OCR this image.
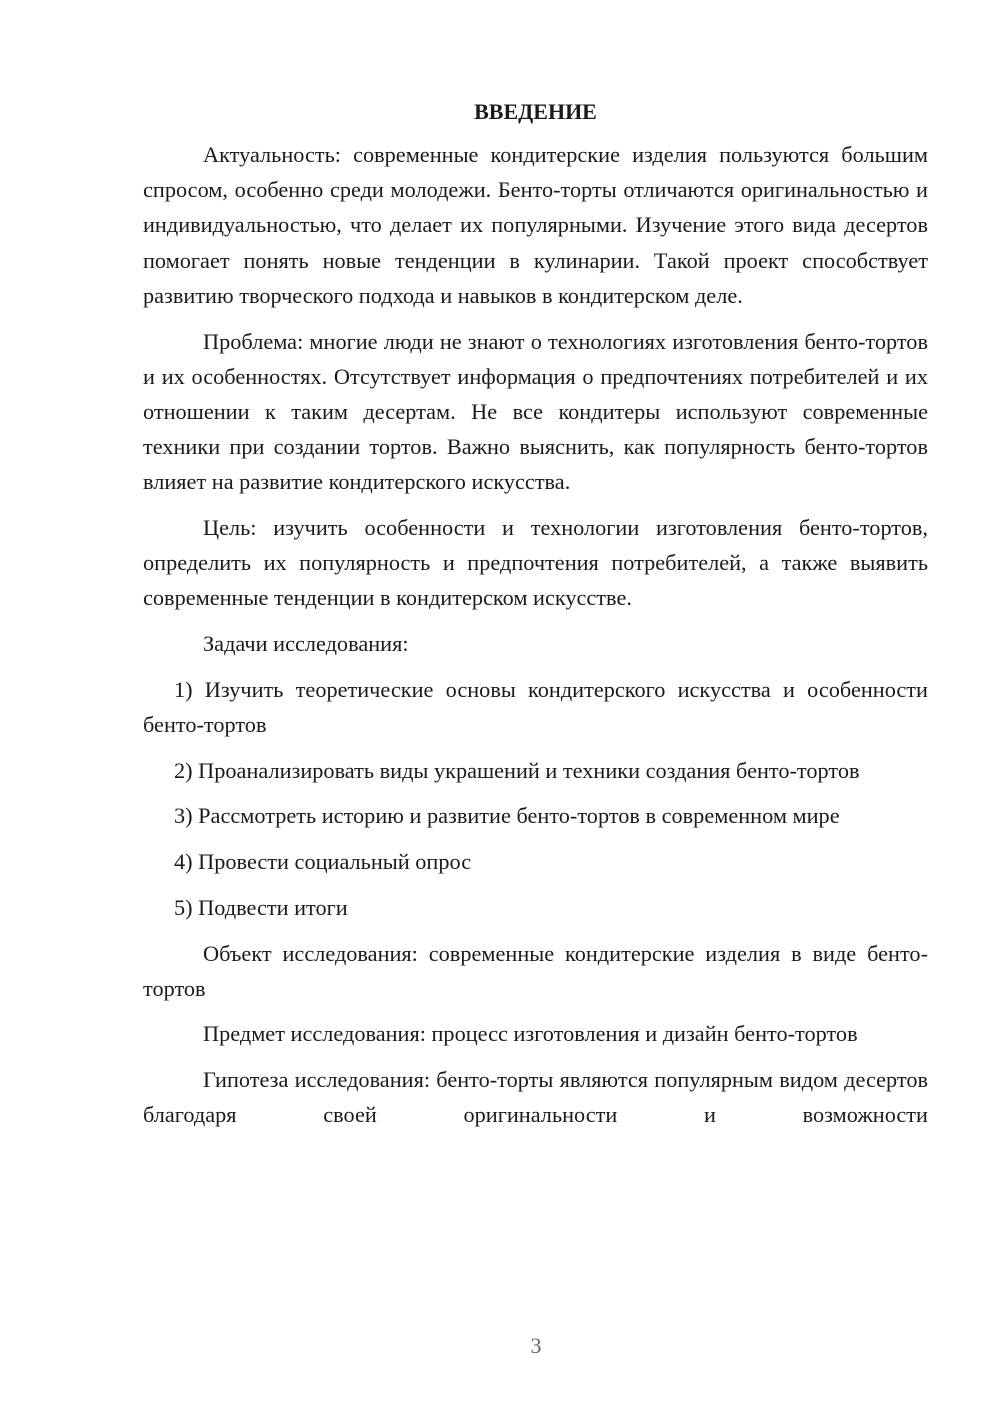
ВВЕДЕНИЕ

Актуальность: современные кондитерские изделия пользуются большим спросом, особенно среди молодежи. Бенто-торты отличаются оригинальностью и индивидуальностью, что делает их популярными. Изучение этого вида десертов помогает понять новые тенденции в кулинарии. Такой проект способствует развитию творческого подхода и навыков в кондитерском деле.

Проблема: многие люди не знают о технологиях изготовления бенто-тортов и их особенностях. Отсутствует информация о предпочтениях потребителей и их отношении к таким десертам. Не все кондитеры используют современные техники при создании тортов. Важно выяснить, как популярность бенто-тортов влияет на развитие кондитерского искусства.

Цель: изучить особенности и технологии изготовления бенто-тортов, определить их популярность и предпочтения потребителей, а также выявить современные тенденции в кондитерском искусстве.

Задачи исследования:

1) Изучить теоретические основы кондитерского искусства и особенности бенто-тортов

2) Проанализировать виды украшений и техники создания бенто-тортов

3) Рассмотреть историю и развитие бенто-тортов в современном мире

4) Провести социальный опрос

5) Подвести итоги

Объект исследования: современные кондитерские изделия в виде бенто-тортов

Предмет исследования: процесс изготовления и дизайн бенто-тортов

Гипотеза исследования: бенто-торты являются популярным видом десертов благодаря своей оригинальности и возможности

3
